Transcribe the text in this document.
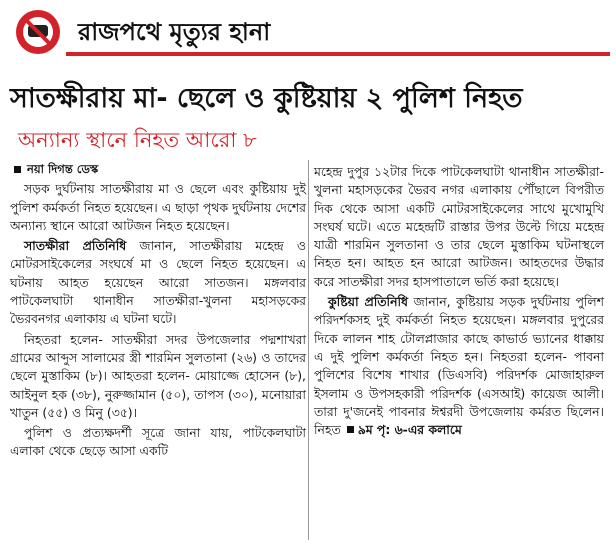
রাজপথে মৃত্যুর হানা
সাতক্ষীরায় মা- ছেলে ও কুষ্টিয়ায় ২ পুলিশ নিহত
অন্যান্য স্থানে নিহত আরো ৮
নয়া দিগন্ত ডেস্ক

সড়ক দুর্ঘটনায় সাতক্ষীরায় মা ও ছেলে এবং কুষ্টিয়ায় দুই পুলিশ কর্মকর্তা নিহত হয়েছেন। এ ছাড়া পৃথক দুর্ঘটনায় দেশের অন্যান্য স্থানে আরো আটজন নিহত হয়েছেন।

সাতক্ষীরা প্রতিনিধি জানান, সাতক্ষীরায় মহেন্দ্র ও মোটরসাইকেলের সংঘর্ষে মা ও ছেলে নিহত হয়েছেন। এ ঘটনায় আহত হয়েছেন আরো সাতজন। মঙ্গলবার পাটকেলঘাটা থানাধীন সাতক্ষীরা-খুলনা মহাসড়কের ভৈরবনগর এলাকায় এ ঘটনা ঘটে।

নিহতরা হলেন- সাতক্ষীরা সদর উপজেলার পদ্মশাখরা গ্রামের আব্দুস সালামের স্ত্রী শারমিন সুলতানা (২৬) ও তাদের ছেলে মুস্তাকিম (৮)। আহতরা হলেন- মোয়াজ্জে হোসেন (৮), আইনুল হক (৩৮), নুরুজ্জামান (৫০), তাপস (৩০), মনোয়ারা খাতুন (৫৫) ও মিনু (৩৫)।

পুলিশ ও প্রত্যক্ষদর্শী সূত্রে জানা যায়, পাটকেলঘাটা এলাকা থেকে ছেড়ে আসা একটি

মহেন্দ্র দুপুর ১২টার দিকে পাটকেলঘাটা থানাধীন সাতক্ষীরা-খুলনা মহাসড়কের ভৈরব নগর এলাকায় পৌঁছালে বিপরীত দিক থেকে আসা একটি মোটরসাইকেলের সাথে মুখোমুখি সংঘর্ষ ঘটে। এতে মহেন্দ্রটি রাস্তার উপর উল্টে গিয়ে মহেন্দ্র যাত্রী শারমিন সুলতানা ও তার ছেলে মুস্তাকিম ঘটনাস্থলে নিহত হন। আহত হন আরো আটজন। আহতদের উদ্ধার করে সাতক্ষীরা সদর হাসপাতালে ভর্তি করা হয়েছে।

কুষ্টিয়া প্রতিনিধি জানান, কুষ্টিয়ায় সড়ক দুর্ঘটনায় পুলিশ পরিদর্শকসহ দুই কর্মকর্তা নিহত হয়েছেন। মঙ্গলবার দুপুরের দিকে লালন শাহ টোলপ্লাজার কাছে কাভার্ড ভ্যানের ধাক্কায় এ দুই পুলিশ কর্মকর্তা নিহত হন। নিহতরা হলেন- পাবনা পুলিশের বিশেষ শাখার (ডিএসবি) পরিদর্শক মোজাহারুল ইসলাম ও উপসহকারী পরিদর্শক (এসআই) কায়েজ আলী। তারা দু'জনেই পাবনার ঈশ্বরদী উপজেলায় কর্মরত ছিলেন। নিহত ৯ম পৃ: ৬-এর কলামে
